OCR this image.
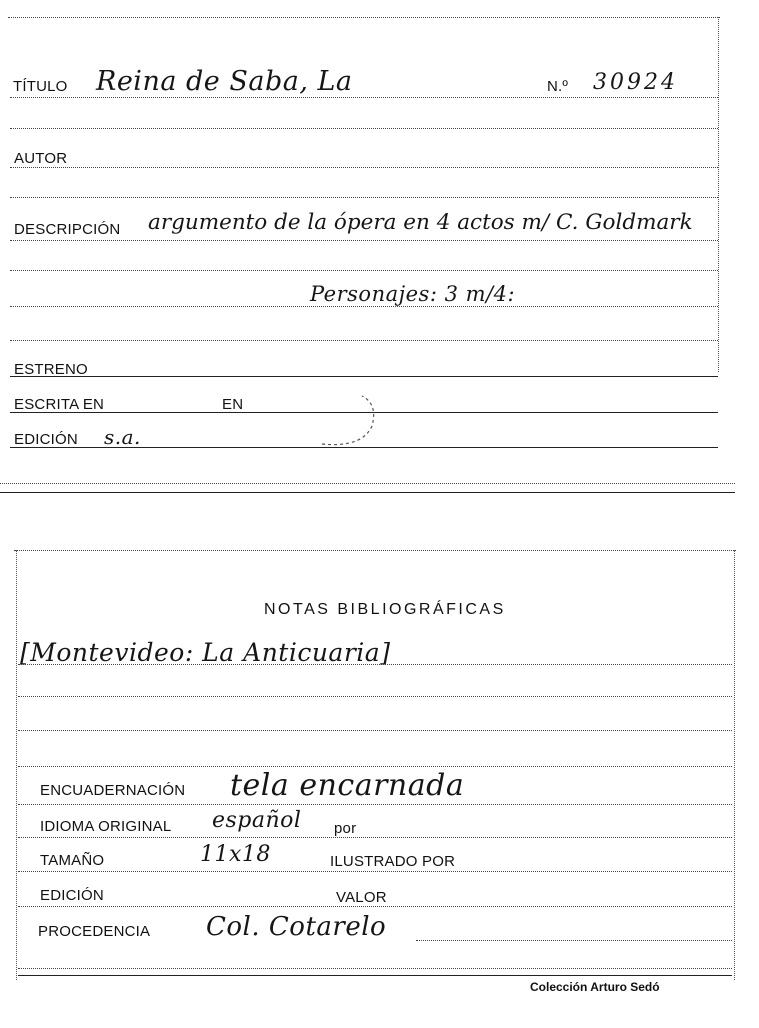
TÍTULO Reina de Saba, La	N.º 30924
AUTOR
DESCRIPCIÓN argumento de la ópera en 4 actos m/ C. Goldmark
Personajes: 3 m/4:
ESTRENO
ESCRITA EN	EN
EDICIÓN s.a.
NOTAS BIBLIOGRÁFICAS
[Montevideo: La Anticuaria]
ENCUADERNACIÓN tela encarnada
IDIOMA ORIGINAL español por
TAMAÑO	11x18	ILUSTRADO POR
EDICIÓN	VALOR
PROCEDENCIA Col. Cotarelo
Colección Arturo Sedó
